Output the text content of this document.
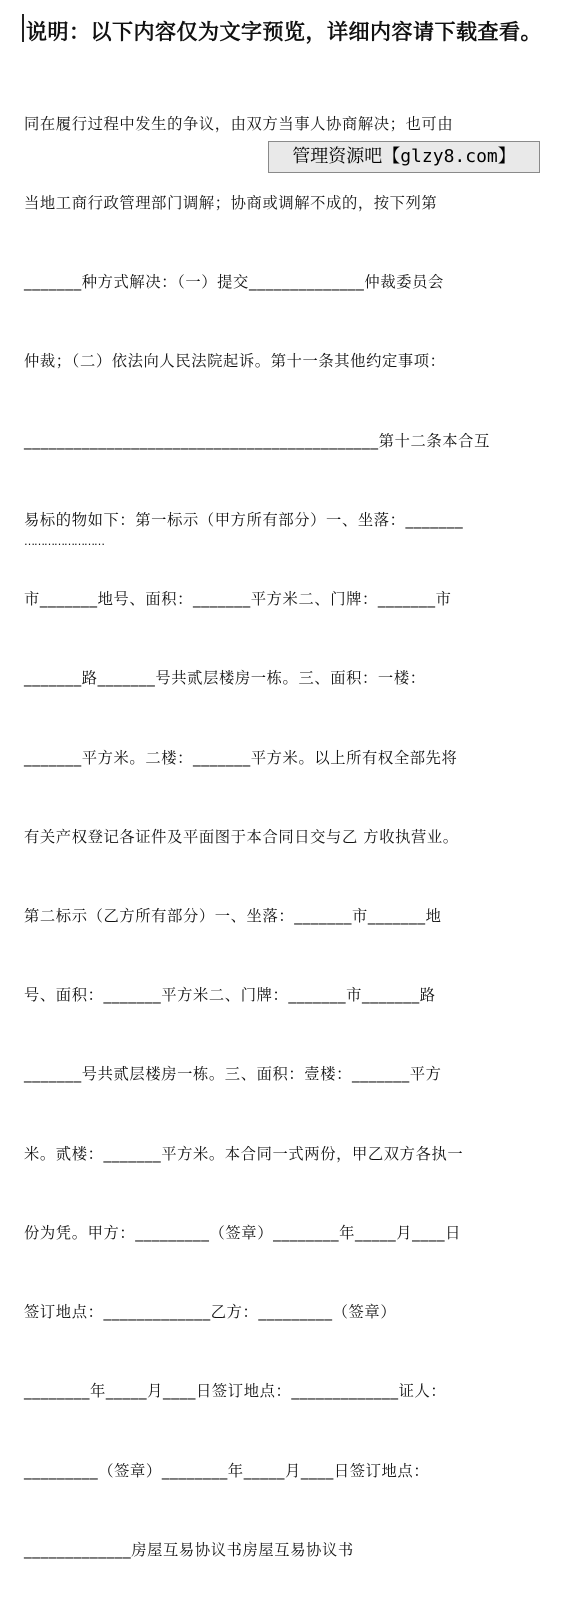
说明：以下内容仅为文字预览，详细内容请下载查看。

同在履行过程中发生的争议，由双方当事人协商解决；也可由

当地工商行政管理部门调解；协商或调解不成的，按下列第

_______种方式解决：（一）提交______________仲裁委员会

仲裁；（二）依法向人民法院起诉。第十一条其他约定事项：

___________________________________________第十二条本合互

易标的物如下：第一标示（甲方所有部分）一、坐落：_______

市_______地号、面积：_______平方米二、门牌：_______市

_______路_______号共贰层楼房一栋。三、面积：一楼：

_______平方米。二楼：_______平方米。以上所有权全部先将

有关产权登记各证件及平面图于本合同日交与乙 方收执营业。

第二标示（乙方所有部分）一、坐落：_______市_______地

号、面积：_______平方米二、门牌：_______市_______路

_______号共贰层楼房一栋。三、面积：壹楼：_______平方

米。贰楼：_______平方米。本合同一式两份，甲乙双方各执一

份为凭。甲方：_________（签章）________年_____月____日

签订地点：_____________乙方：_________（签章）

________年_____月____日签订地点：_____________证人：

_________（签章）________年_____月____日签订地点：

_____________房屋互易协议书房屋互易协议书

……………………
管理资源吧【glzy8.com】
